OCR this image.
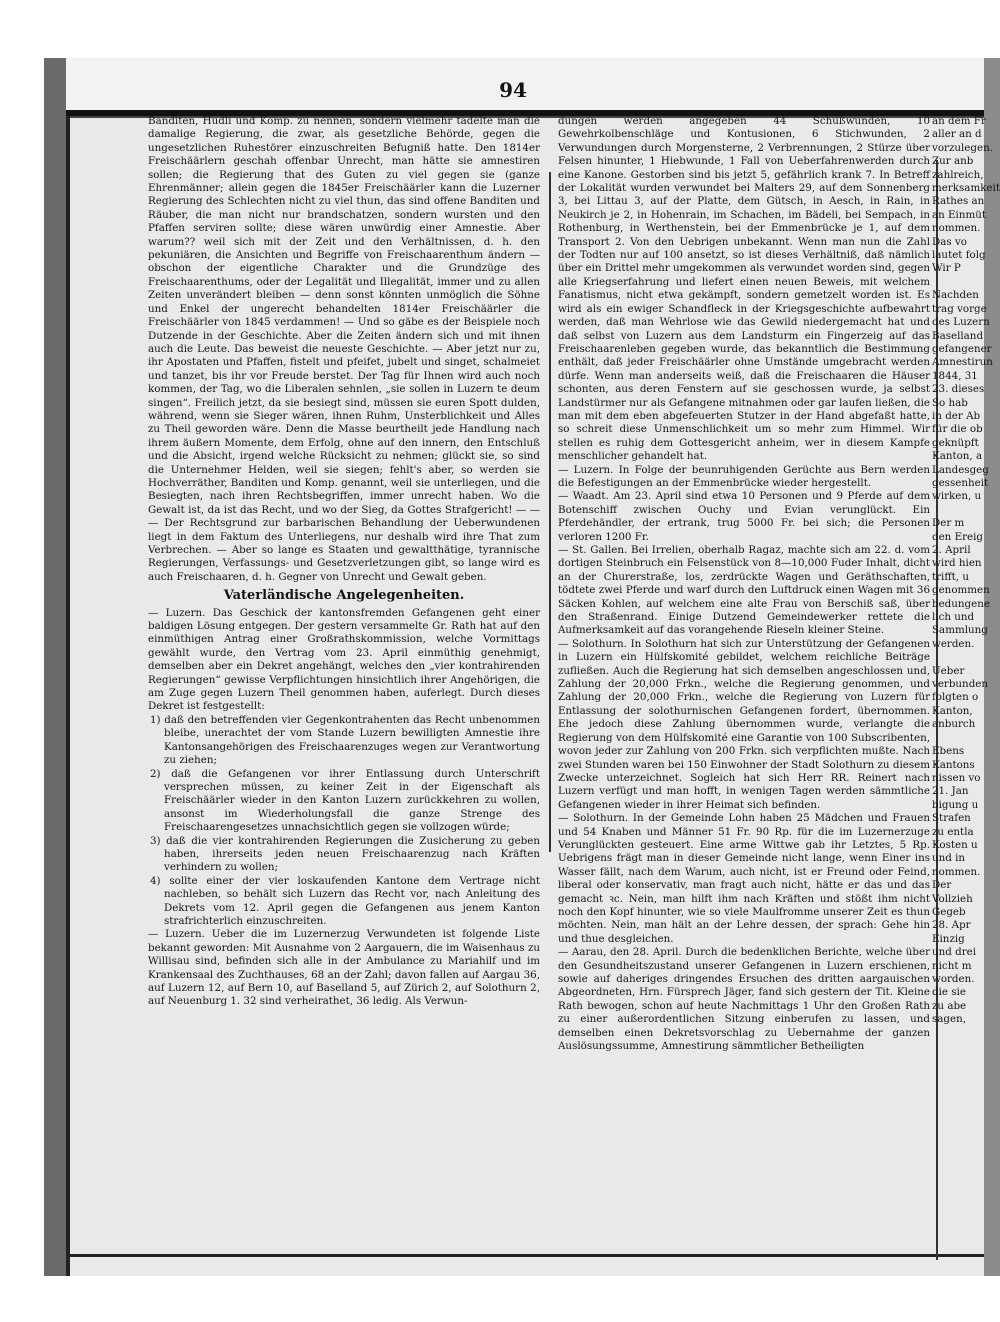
94

Banditen, Hudli und Komp. zu nennen, sondern vielmehr tadelte man die damalige Regierung, die zwar, als gesetzliche Behörde, gegen die ungesetzlichen Ruhestörer einzuschreiten Befugniß hatte. Den 1814er Freischäärlern geschah offenbar Unrecht, man hätte sie amnestiren sollen; die Regierung that des Guten zu viel gegen sie (ganze Ehrenmänner; allein gegen die 1845er Freischäärler kann die Luzerner Regierung des Schlechten nicht zu viel thun, das sind offene Banditen und Räuber, die man nicht nur brandschatzen, sondern wursten und den Pfaffen serviren sollte; diese wären unwürdig einer Amnestie. Aber warum?? weil sich mit der Zeit und den Verhältnissen, d. h. den pekuniären, die Ansichten und Begriffe von Freischaarenthum ändern — obschon der eigentliche Charakter und die Grundzüge des Freischaarenthums, oder der Legalität und Illegalität, immer und zu allen Zeiten unverändert bleiben — denn sonst könnten unmöglich die Söhne und Enkel der ungerecht behandelten 1814er Freischäärler die Freischäärler von 1845 verdammen! — Und so gäbe es der Beispiele noch Dutzende in der Geschichte. Aber die Zeiten ändern sich und mit ihnen auch die Leute. Das beweist die neueste Geschichte. — Aber jetzt nur zu, ihr Apostaten und Pfaffen, fistelt und pfeifet, jubelt und singet, schalmeiet und tanzet, bis ihr vor Freude berstet. Der Tag für Ihnen wird auch noch kommen, der Tag, wo die Liberalen sehnlen, „sie sollen in Luzern te deum singen“. Freilich jetzt, da sie besiegt sind, müssen sie euren Spott dulden, während, wenn sie Sieger wären, ihnen Ruhm, Unsterblichkeit und Alles zu Theil geworden wäre. Denn die Masse beurtheilt jede Handlung nach ihrem äußern Momente, dem Erfolg, ohne auf den innern, den Entschluß und die Absicht, irgend welche Rücksicht zu nehmen; glückt sie, so sind die Unternehmer Helden, weil sie siegen; fehlt's aber, so werden sie Hochverräther, Banditen und Komp. genannt, weil sie unterliegen, und die Besiegten, nach ihren Rechtsbegriffen, immer unrecht haben. Wo die Gewalt ist, da ist das Recht, und wo der Sieg, da Gottes Strafgericht! — — — Der Rechtsgrund zur barbarischen Behandlung der Ueberwundenen liegt in dem Faktum des Unterliegens, nur deshalb wird ihre That zum Verbrechen. — Aber so lange es Staaten und gewaltthätige, tyrannische Regierungen, Verfassungs- und Gesetzverletzungen gibt, so lange wird es auch Freischaaren, d. h. Gegner von Unrecht und Gewalt geben.

Vaterländische Angelegenheiten.

— Luzern. Das Geschick der kantonsfremden Gefangenen geht einer baldigen Lösung entgegen. Der gestern versammelte Gr. Rath hat auf den einmüthigen Antrag einer Großrathskommission, welche Vormittags gewählt wurde, den Vertrag vom 23. April einmüthig genehmigt, demselben aber ein Dekret angehängt, welches den „vier kontrahirenden Regierungen“ gewisse Verpflichtungen hinsichtlich ihrer Angehörigen, die am Zuge gegen Luzern Theil genommen haben, auferlegt. Durch dieses Dekret ist festgestellt:

1) daß den betreffenden vier Gegenkontrahenten das Recht unbenommen bleibe, unerachtet der vom Stande Luzern bewilligten Amnestie ihre Kantonsangehörigen des Freischaarenzuges wegen zur Verantwortung zu ziehen;
2) daß die Gefangenen vor ihrer Entlassung durch Unterschrift versprechen müssen, zu keiner Zeit in der Eigenschaft als Freischäärler wieder in den Kanton Luzern zurückkehren zu wollen, ansonst im Wiederholungsfall die ganze Strenge des Freischaarengesetzes unnachsichtlich gegen sie vollzogen würde;
3) daß die vier kontrahirenden Regierungen die Zusicherung zu geben haben, ihrerseits jeden neuen Freischaarenzug nach Kräften verhindern zu wollen;
4) sollte einer der vier loskaufenden Kantone dem Vertrage nicht nachleben, so behält sich Luzern das Recht vor, nach Anleitung des Dekrets vom 12. April gegen die Gefangenen aus jenem Kanton strafrichterlich einzuschreiten.

— Luzern. Ueber die im Luzernerzug Verwundeten ist folgende Liste bekannt geworden: Mit Ausnahme von 2 Aargauern, die im Waisenhaus zu Willisau sind, befinden sich alle in der Ambulance zu Mariahilf und im Krankensaal des Zuchthauses, 68 an der Zahl; davon fallen auf Aargau 36, auf Luzern 12, auf Bern 10, auf Baselland 5, auf Zürich 2, auf Solothurn 2, auf Neuenburg 1. 32 sind verheirathet, 36 ledig. Als Verwun-

dungen werden angegeben 44 Schußwunden, 10 Gewehrkolbenschläge und Kontusionen, 6 Stichwunden, 2 Verwundungen durch Morgensterne, 2 Verbrennungen, 2 Stürze über Felsen hinunter, 1 Hiebwunde, 1 Fall von Ueberfahrenwerden durch eine Kanone. Gestorben sind bis jetzt 5, gefährlich krank 7. In Betreff der Lokalität wurden verwundet bei Malters 29, auf dem Sonnenberg 3, bei Littau 3, auf der Platte, dem Gütsch, in Aesch, in Rain, in Neukirch je 2, in Hohenrain, im Schachen, im Bädeli, bei Sempach, in Rothenburg, in Werthenstein, bei der Emmenbrücke je 1, auf dem Transport 2. Von den Uebrigen unbekannt. Wenn man nun die Zahl der Todten nur auf 100 ansetzt, so ist dieses Verhältniß, daß nämlich über ein Drittel mehr umgekommen als verwundet worden sind, gegen alle Kriegserfahrung und liefert einen neuen Beweis, mit welchem Fanatismus, nicht etwa gekämpft, sondern gemetzelt worden ist. Es wird als ein ewiger Schandfleck in der Kriegsgeschichte aufbewahrt werden, daß man Wehrlose wie das Gewild niedergemacht hat und daß selbst von Luzern aus dem Landsturm ein Fingerzeig auf das Freischaarenleben gegeben wurde, das bekanntlich die Bestimmung enthält, daß jeder Freischäärler ohne Umstände umgebracht werden dürfe. Wenn man anderseits weiß, daß die Freischaaren die Häuser schonten, aus deren Fenstern auf sie geschossen wurde, ja selbst Landstürmer nur als Gefangene mitnahmen oder gar laufen ließen, die man mit dem eben abgefeuerten Stutzer in der Hand abgefaßt hatte, so schreit diese Unmenschlichkeit um so mehr zum Himmel. Wir stellen es ruhig dem Gottesgericht anheim, wer in diesem Kampfe menschlicher gehandelt hat.

— Luzern. In Folge der beunruhigenden Gerüchte aus Bern werden die Befestigungen an der Emmenbrücke wieder hergestellt.

— Waadt. Am 23. April sind etwa 10 Personen und 9 Pferde auf dem Botenschiff zwischen Ouchy und Evian verunglückt. Ein Pferdehändler, der ertrank, trug 5000 Fr. bei sich; die Personen verloren 1200 Fr.

— St. Gallen. Bei Irrelien, oberhalb Ragaz, machte sich am 22. d. vom dortigen Steinbruch ein Felsenstück von 8—10,000 Fuder Inhalt, dicht an der Churerstraße, los, zerdrückte Wagen und Geräthschaften, tödtete zwei Pferde und warf durch den Luftdruck einen Wagen mit 36 Säcken Kohlen, auf welchem eine alte Frau von Berschiß saß, über den Straßenrand. Einige Dutzend Gemeindewerker rettete die Aufmerksamkeit auf das vorangehende Rieseln kleiner Steine.

— Solothurn. In Solothurn hat sich zur Unterstützung der Gefangenen in Luzern ein Hülfskomité gebildet, welchem reichliche Beiträge zufließen. Auch die Regierung hat sich demselben angeschlossen und, Zahlung der 20,000 Frkn., welche die Regierung genommen, und Zahlung der 20,000 Frkn., welche die Regierung von Luzern für Entlassung der solothurnischen Gefangenen fordert, übernommen. Ehe jedoch diese Zahlung übernommen wurde, verlangte die Regierung von dem Hülfskomité eine Garantie von 100 Subscribenten, wovon jeder zur Zahlung von 200 Frkn. sich verpflichten mußte. Nach zwei Stunden waren bei 150 Einwohner der Stadt Solothurn zu diesem Zwecke unterzeichnet. Sogleich hat sich Herr RR. Reinert nach Luzern verfügt und man hofft, in wenigen Tagen werden sämmtliche Gefangenen wieder in ihrer Heimat sich befinden.

— Solothurn. In der Gemeinde Lohn haben 25 Mädchen und Frauen und 54 Knaben und Männer 51 Fr. 90 Rp. für die im Luzernerzuge Verunglückten gesteuert. Eine arme Wittwe gab ihr Letztes, 5 Rp. Uebrigens frägt man in dieser Gemeinde nicht lange, wenn Einer ins Wasser fällt, nach dem Warum, auch nicht, ist er Freund oder Feind, liberal oder konservativ, man fragt auch nicht, hätte er das und das gemacht ꝛc. Nein, man hilft ihm nach Kräften und stößt ihm nicht noch den Kopf hinunter, wie so viele Maulfromme unserer Zeit es thun möchten. Nein, man hält an der Lehre dessen, der sprach: Gehe hin und thue desgleichen.

— Aarau, den 28. April. Durch die bedenklichen Berichte, welche über den Gesundheitszustand unserer Gefangenen in Luzern erschienen, sowie auf daheriges dringendes Ersuchen des dritten aargauischen Abgeordneten, Hrn. Fürsprech Jäger, fand sich gestern der Tit. Kleine Rath bewogen, schon auf heute Nachmittags 1 Uhr den Großen Rath zu einer außerordentlichen Sitzung einberufen zu lassen, und demselben einen Dekretsvorschlag zu Uebernahme der ganzen Auslösungssumme, Amnestirung sämmtlicher Betheiligten

an dem Fr
aller an d
vorzulegen.
Zur anb
zahlreich,
merksamkeit
Rathes an
an Einmüt
nommen.
Das vo
lautet folg
Wir P

Nachden
trag vorge
des Luzern
Baselland
gefangener
Amnestirun
1844, 31
23. dieses
So hab
in der Ab
für die ob
geknüpft
Kanton, a
Landesgeg
gessenheit
wirken, u

Der m
den Ereig
2. April
wird hien
trifft, u
genommen
bedungene
lich und
Sammlung
werden.

Ueber
verbunden
folgten o
Kanton,
anburch

Ebens
Kantons
nissen vo
21. Jan
bigung u
Strafen
zu entla
Kosten u
und in
nommen.
Der
Vollzieh
Gegeb
28. Apr
Einzig
und drei
nicht m
worden.
die sie
zu abe
sagen,
